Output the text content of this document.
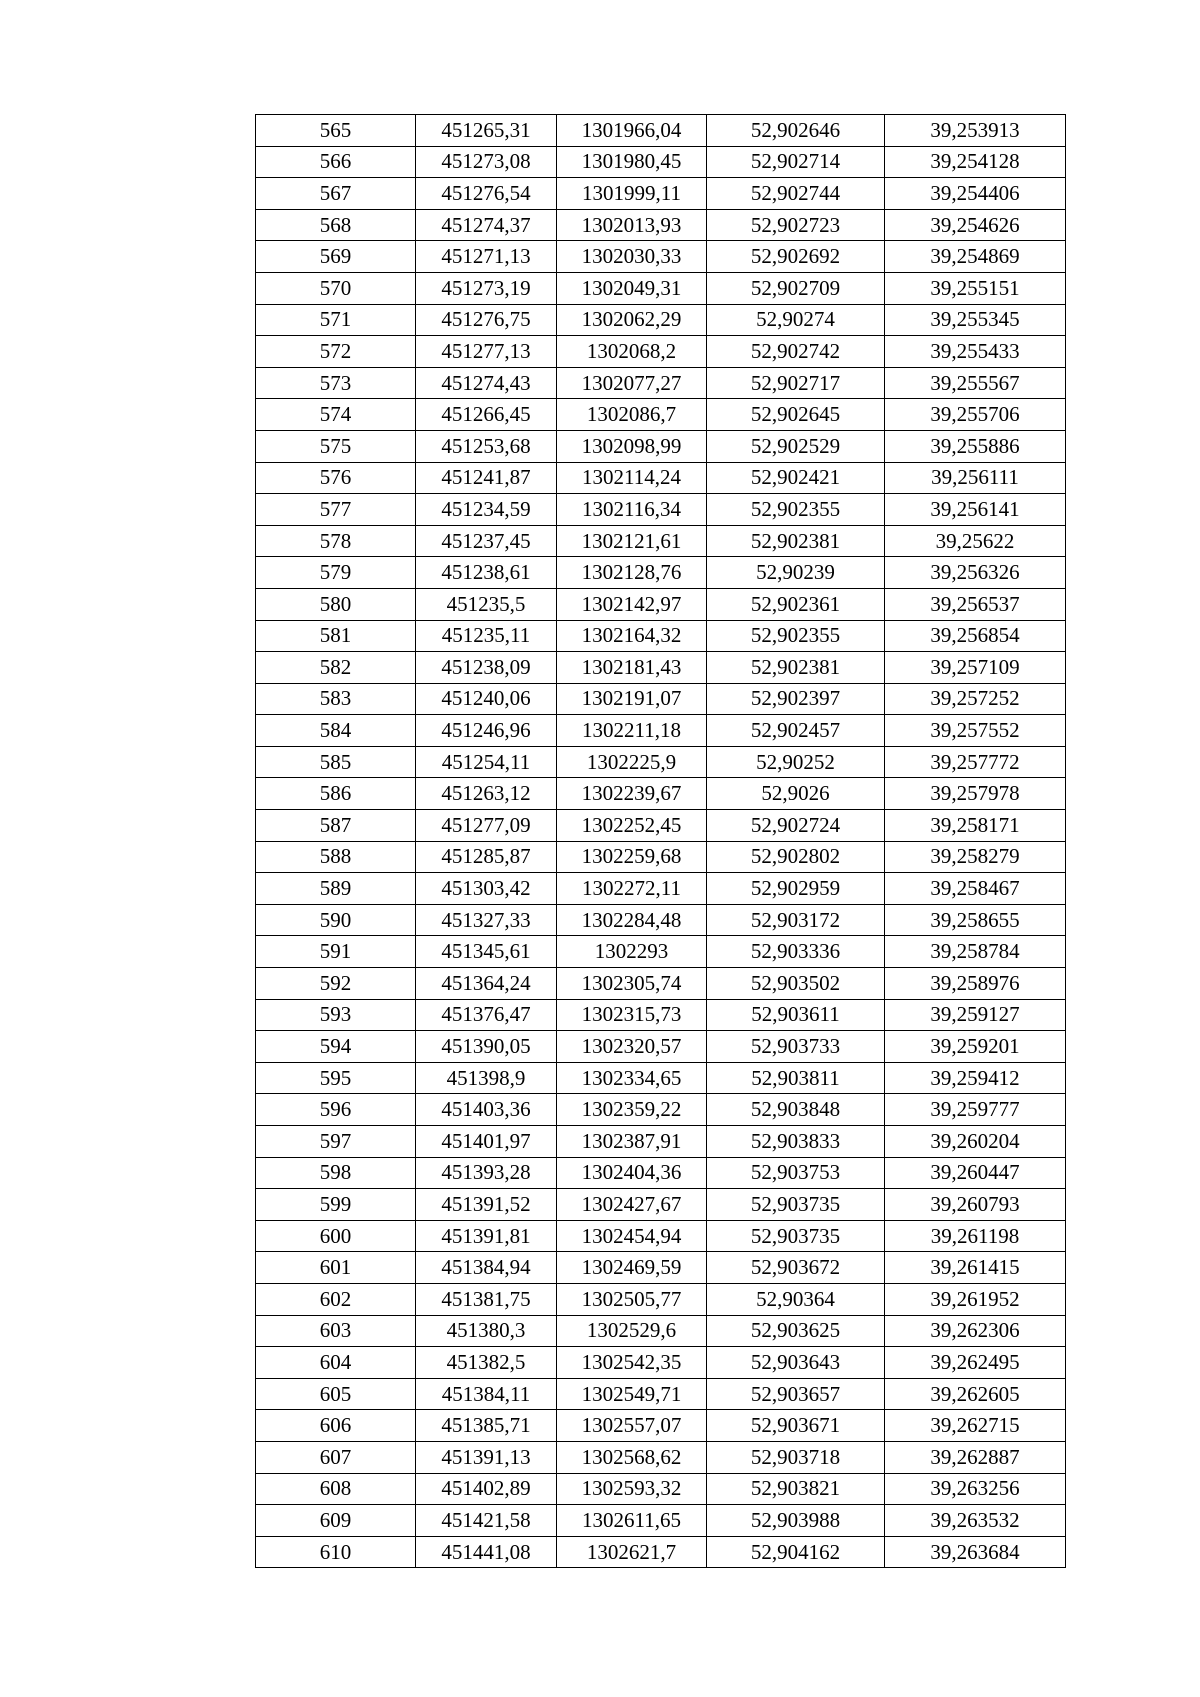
565	451265,31	1301966,04	52,902646	39,253913
566	451273,08	1301980,45	52,902714	39,254128
567	451276,54	1301999,11	52,902744	39,254406
568	451274,37	1302013,93	52,902723	39,254626
569	451271,13	1302030,33	52,902692	39,254869
570	451273,19	1302049,31	52,902709	39,255151
571	451276,75	1302062,29	52,90274	39,255345
572	451277,13	1302068,2	52,902742	39,255433
573	451274,43	1302077,27	52,902717	39,255567
574	451266,45	1302086,7	52,902645	39,255706
575	451253,68	1302098,99	52,902529	39,255886
576	451241,87	1302114,24	52,902421	39,256111
577	451234,59	1302116,34	52,902355	39,256141
578	451237,45	1302121,61	52,902381	39,25622
579	451238,61	1302128,76	52,90239	39,256326
580	451235,5	1302142,97	52,902361	39,256537
581	451235,11	1302164,32	52,902355	39,256854
582	451238,09	1302181,43	52,902381	39,257109
583	451240,06	1302191,07	52,902397	39,257252
584	451246,96	1302211,18	52,902457	39,257552
585	451254,11	1302225,9	52,90252	39,257772
586	451263,12	1302239,67	52,9026	39,257978
587	451277,09	1302252,45	52,902724	39,258171
588	451285,87	1302259,68	52,902802	39,258279
589	451303,42	1302272,11	52,902959	39,258467
590	451327,33	1302284,48	52,903172	39,258655
591	451345,61	1302293	52,903336	39,258784
592	451364,24	1302305,74	52,903502	39,258976
593	451376,47	1302315,73	52,903611	39,259127
594	451390,05	1302320,57	52,903733	39,259201
595	451398,9	1302334,65	52,903811	39,259412
596	451403,36	1302359,22	52,903848	39,259777
597	451401,97	1302387,91	52,903833	39,260204
598	451393,28	1302404,36	52,903753	39,260447
599	451391,52	1302427,67	52,903735	39,260793
600	451391,81	1302454,94	52,903735	39,261198
601	451384,94	1302469,59	52,903672	39,261415
602	451381,75	1302505,77	52,90364	39,261952
603	451380,3	1302529,6	52,903625	39,262306
604	451382,5	1302542,35	52,903643	39,262495
605	451384,11	1302549,71	52,903657	39,262605
606	451385,71	1302557,07	52,903671	39,262715
607	451391,13	1302568,62	52,903718	39,262887
608	451402,89	1302593,32	52,903821	39,263256
609	451421,58	1302611,65	52,903988	39,263532
610	451441,08	1302621,7	52,904162	39,263684
